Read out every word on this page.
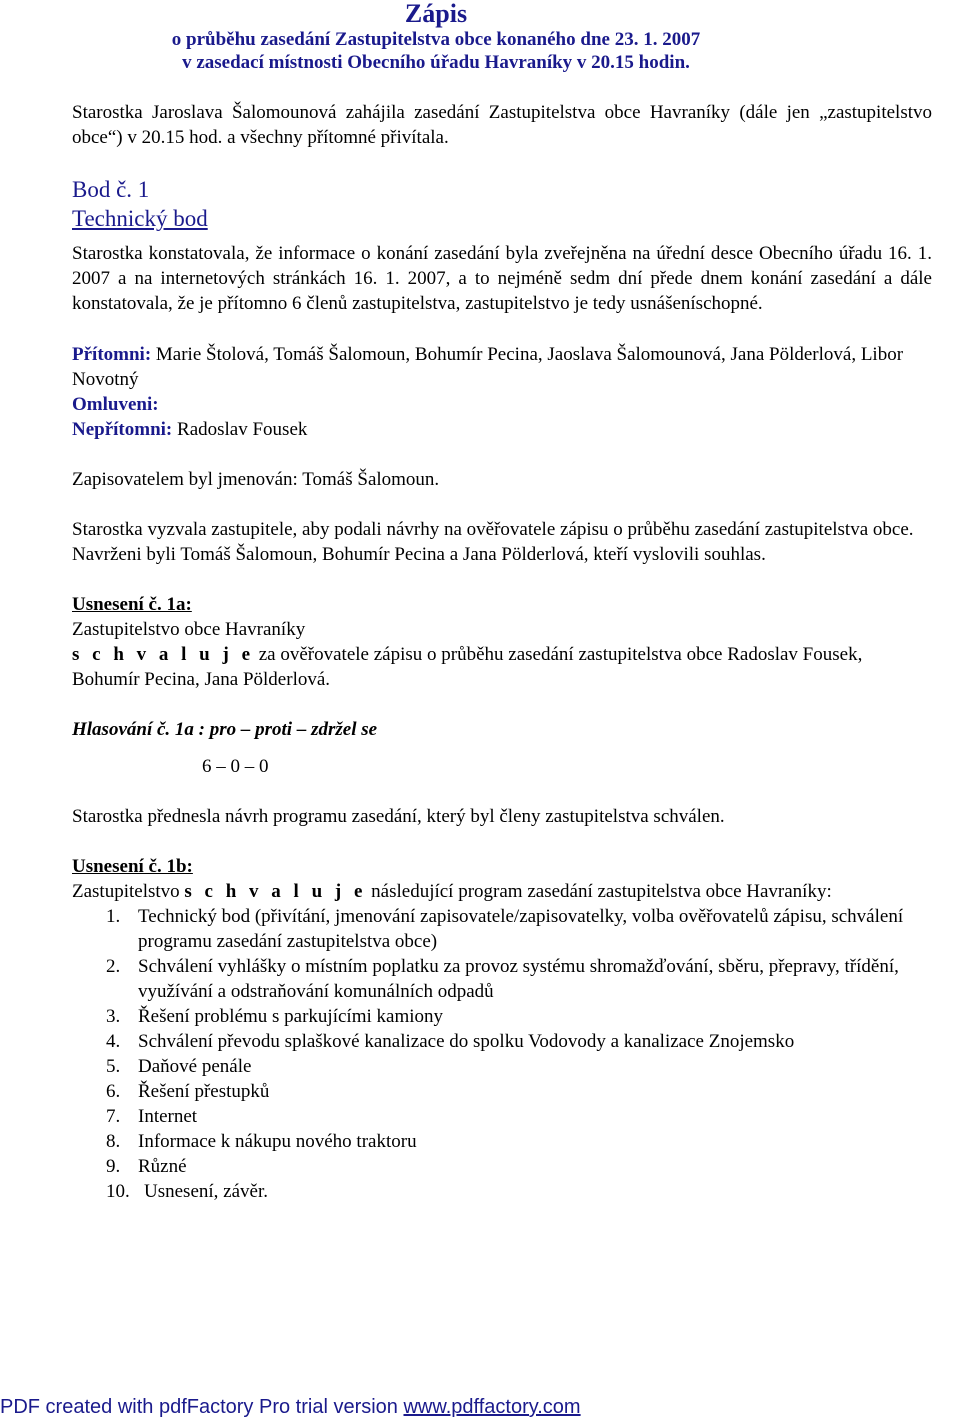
Zápis
o průběhu zasedání Zastupitelstva obce konaného dne 23. 1. 2007
v zasedací místnosti Obecního úřadu Havraníky v 20.15 hodin.

Starostka Jaroslava Šalomounová zahájila zasedání Zastupitelstva obce Havraníky (dále jen „zastupitelstvo obce“) v 20.15 hod. a všechny přítomné přivítala.

Bod č. 1

Technický bod

Starostka konstatovala, že informace o konání zasedání byla zveřejněna na úřední desce Obecního úřadu 16. 1. 2007 a na internetových stránkách 16. 1. 2007, a to nejméně sedm dní přede dnem konání zasedání a dále konstatovala, že je přítomno 6 členů zastupitelstva, zastupitelstvo je tedy usnášeníschopné.

Přítomni: Marie Štolová, Tomáš Šalomoun, Bohumír Pecina, Jaoslava Šalomounová, Jana Pölderlová, Libor Novotný

Omluveni:

Nepřítomni: Radoslav Fousek

Zapisovatelem byl jmenován: Tomáš Šalomoun.

Starostka vyzvala zastupitele, aby podali návrhy na ověřovatele zápisu o průběhu zasedání zastupitelstva obce. Navrženi byli Tomáš Šalomoun, Bohumír Pecina a Jana Pölderlová, kteří vyslovili souhlas.

Usnesení č. 1a:

Zastupitelstvo obce Havraníky

s c h v a l u j e za ověřovatele zápisu o průběhu zasedání zastupitelstva obce Radoslav Fousek, Bohumír Pecina, Jana Pölderlová.

Hlasování č. 1a : pro – proti – zdržel se

6 – 0 – 0

Starostka přednesla návrh programu zasedání, který byl členy zastupitelstva schválen.

Usnesení č. 1b:

Zastupitelstvo s c h v a l u j e následující program zasedání zastupitelstva obce Havraníky:

1. Technický bod (přivítání, jmenování zapisovatele/zapisovatelky, volba ověřovatelů zápisu, schválení programu zasedání zastupitelstva obce)
2. Schválení vyhlášky o místním poplatku za provoz systému shromažďování, sběru, přepravy, třídění, využívání a odstraňování komunálních odpadů
3. Řešení problému s parkujícími kamiony
4. Schválení převodu splaškové kanalizace do spolku Vodovody a kanalizace Znojemsko
5. Daňové penále
6. Řešení přestupků
7. Internet
8. Informace k nákupu nového traktoru
9. Různé
10. Usnesení, závěr.
PDF created with pdfFactory Pro trial version www.pdffactory.com
